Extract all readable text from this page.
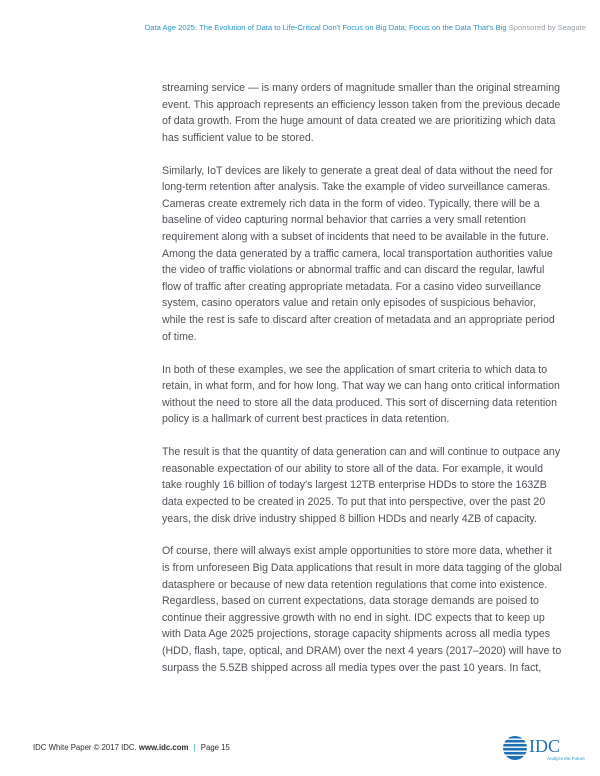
Data Age 2025: The Evolution of Data to Life-Critical Don't Focus on Big Data; Focus on the Data That's Big Sponsored by Seagate

streaming service — is many orders of magnitude smaller than the original streaming event. This approach represents an efficiency lesson taken from the previous decade of data growth. From the huge amount of data created we are prioritizing which data has sufficient value to be stored.

Similarly, IoT devices are likely to generate a great deal of data without the need for long-term retention after analysis. Take the example of video surveillance cameras. Cameras create extremely rich data in the form of video. Typically, there will be a baseline of video capturing normal behavior that carries a very small retention requirement along with a subset of incidents that need to be available in the future. Among the data generated by a traffic camera, local transportation authorities value the video of traffic violations or abnormal traffic and can discard the regular, lawful flow of traffic after creating appropriate metadata. For a casino video surveillance system, casino operators value and retain only episodes of suspicious behavior, while the rest is safe to discard after creation of metadata and an appropriate period of time.

In both of these examples, we see the application of smart criteria to which data to retain, in what form, and for how long. That way we can hang onto critical information without the need to store all the data produced. This sort of discerning data retention policy is a hallmark of current best practices in data retention.

The result is that the quantity of data generation can and will continue to outpace any reasonable expectation of our ability to store all of the data. For example, it would take roughly 16 billion of today's largest 12TB enterprise HDDs to store the 163ZB data expected to be created in 2025. To put that into perspective, over the past 20 years, the disk drive industry shipped 8 billion HDDs and nearly 4ZB of capacity.

Of course, there will always exist ample opportunities to store more data, whether it is from unforeseen Big Data applications that result in more data tagging of the global datasphere or because of new data retention regulations that come into existence. Regardless, based on current expectations, data storage demands are poised to continue their aggressive growth with no end in sight. IDC expects that to keep up with Data Age 2025 projections, storage capacity shipments across all media types (HDD, flash, tape, optical, and DRAM) over the next 4 years (2017–2020) will have to surpass the 5.5ZB shipped across all media types over the past 10 years. In fact,

IDC White Paper © 2017 IDC. www.idc.com | Page 15	IDC
Analyze the Future
